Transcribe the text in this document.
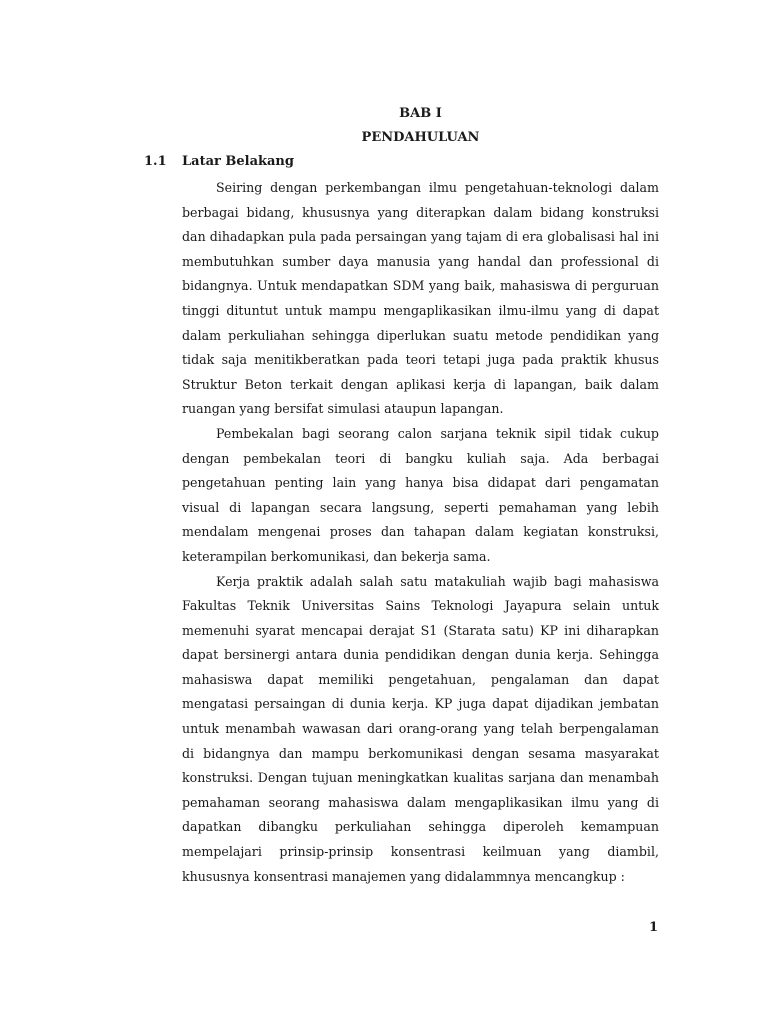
BAB I
PENDAHULUAN
1.1 Latar Belakang

Seiring dengan perkembangan ilmu pengetahuan-teknologi dalam berbagai bidang, khususnya yang diterapkan dalam bidang konstruksi dan dihadapkan pula pada persaingan yang tajam di era globalisasi hal ini membutuhkan sumber daya manusia yang handal dan professional di bidangnya. Untuk mendapatkan SDM yang baik, mahasiswa di perguruan tinggi dituntut untuk mampu mengaplikasikan ilmu-ilmu yang di dapat dalam perkuliahan sehingga diperlukan suatu metode pendidikan yang tidak saja menitikberatkan pada teori tetapi juga pada praktik khusus Struktur Beton terkait dengan aplikasi kerja di lapangan, baik dalam ruangan yang bersifat simulasi ataupun lapangan.

Pembekalan bagi seorang calon sarjana teknik sipil tidak cukup dengan pembekalan teori di bangku kuliah saja. Ada berbagai pengetahuan penting lain yang hanya bisa didapat dari pengamatan visual di lapangan secara langsung, seperti pemahaman yang lebih mendalam mengenai proses dan tahapan dalam kegiatan konstruksi, keterampilan berkomunikasi, dan bekerja sama.

Kerja praktik adalah salah satu matakuliah wajib bagi mahasiswa Fakultas Teknik Universitas Sains Teknologi Jayapura selain untuk memenuhi syarat mencapai derajat S1 (Starata satu) KP ini diharapkan dapat bersinergi antara dunia pendidikan dengan dunia kerja. Sehingga mahasiswa dapat memiliki pengetahuan, pengalaman dan dapat mengatasi persaingan di dunia kerja. KP juga dapat dijadikan jembatan untuk menambah wawasan dari orang-orang yang telah berpengalaman di bidangnya dan mampu berkomunikasi dengan sesama masyarakat konstruksi. Dengan tujuan meningkatkan kualitas sarjana dan menambah pemahaman seorang mahasiswa dalam mengaplikasikan ilmu yang di dapatkan dibangku perkuliahan sehingga diperoleh kemampuan mempelajari prinsip-prinsip konsentrasi keilmuan yang diambil, khususnya konsentrasi manajemen yang didalammnya mencangkup :

1
